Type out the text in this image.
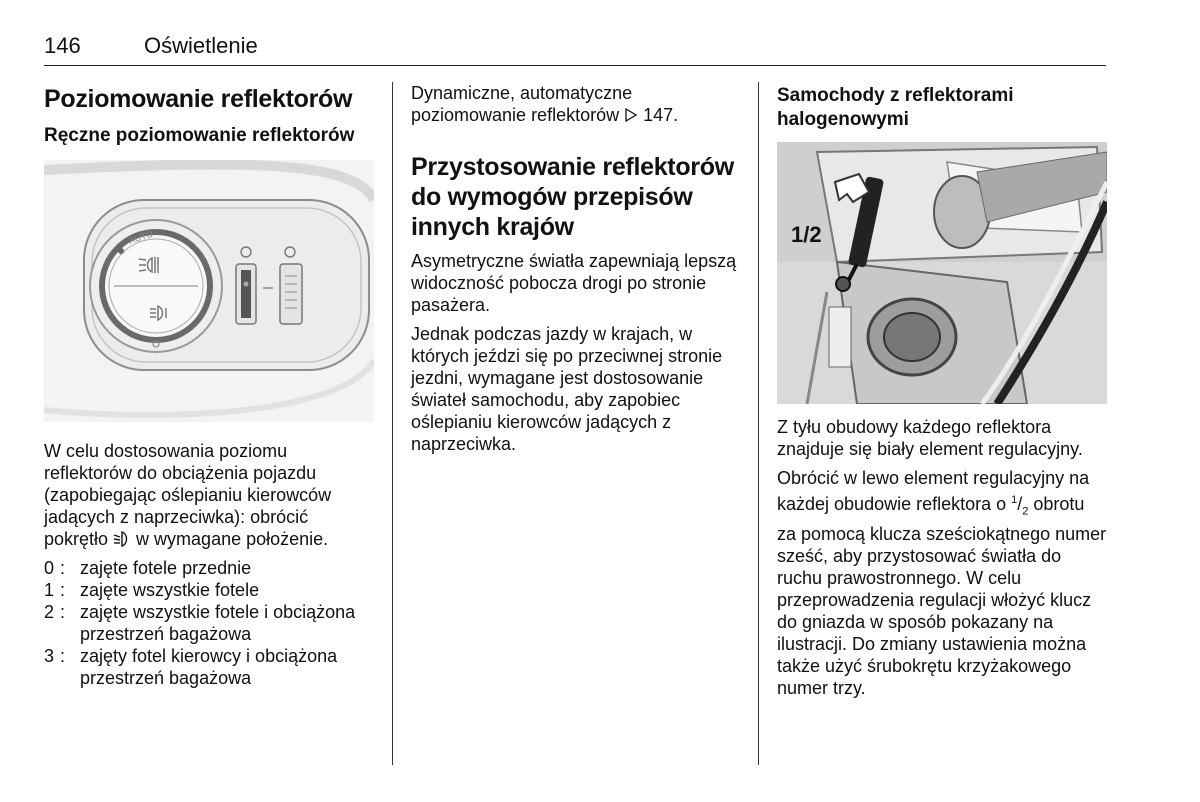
146	Oświetlenie
Poziomowanie reflektorów
Ręczne poziomowanie reflektorów
AUTO

W celu dostosowania poziomu reflektorów do obciążenia pojazdu (zapobiegając oślepianiu kierowców jadących z naprzeciwka): obrócić pokrętło  w wymagane położenie.

0 : zajęte fotele przednie
1 : zajęte wszystkie fotele
2 : zajęte wszystkie fotele i obciążona przestrzeń bagażowa
3 : zajęty fotel kierowcy i obciążona przestrzeń bagażowa

Dynamiczne, automatyczne poziomowanie reflektorów 147.

Przystosowanie reflektorów do wymogów przepisów innych krajów

Asymetryczne światła zapewniają lepszą widoczność pobocza drogi po stronie pasażera.

Jednak podczas jazdy w krajach, w których jeździ się po przeciwnej stronie jezdni, wymagane jest dostosowanie świateł samochodu, aby zapobiec oślepianiu kierowców jadących z naprzeciwka.

Samochody z reflektorami halogenowymi
1/2

Z tyłu obudowy każdego reflektora znajduje się biały element regulacyjny.

Obrócić w lewo element regulacyjny na każdej obudowie reflektora o $^1/_2$ obrotu za pomocą klucza sześciokątnego numer sześć, aby przystosować światła do ruchu prawostronnego. W celu przeprowadzenia regulacji włożyć klucz do gniazda w sposób pokazany na ilustracji. Do zmiany ustawienia można także użyć śrubokrętu krzyżakowego numer trzy.
